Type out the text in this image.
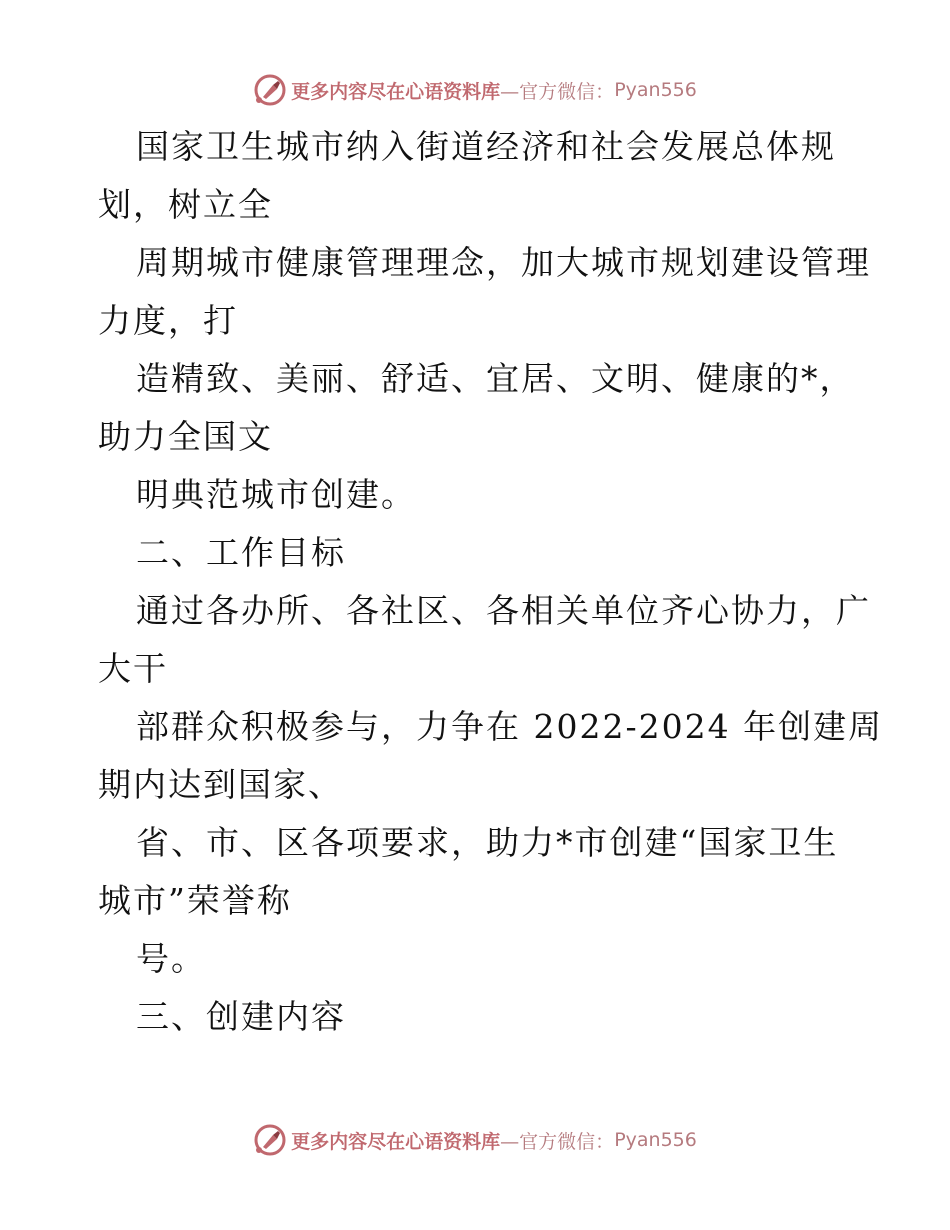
更多内容尽在心语资料库 —官方微信： Pyan556
国家卫生城市纳入街道经济和社会发展总体规
划，树立全
周期城市健康管理理念，加大城市规划建设管理
力度，打
造精致、美丽、舒适、宜居、文明、健康的*，
助力全国文
明典范城市创建。
二、工作目标
通过各办所、各社区、各相关单位齐心协力，广
大干
部群众积极参与，力争在 2022-2024 年创建周
期内达到国家、
省、市、区各项要求，助力*市创建“国家卫生
城市”荣誉称
号。
三、创建内容
更多内容尽在心语资料库 —官方微信： Pyan556
